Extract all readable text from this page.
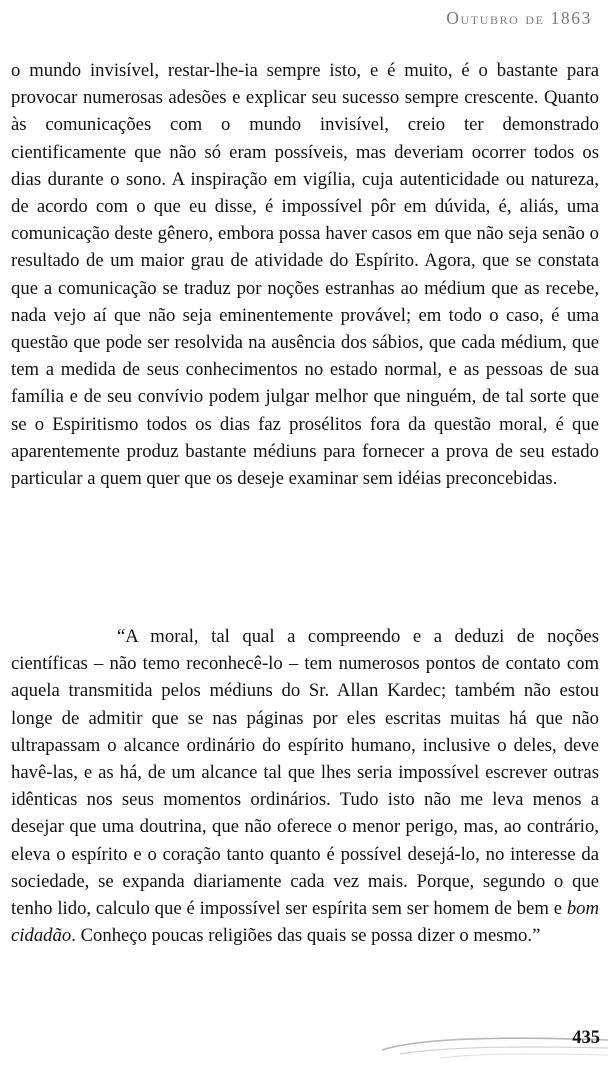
Outubro de 1863
o mundo invisível, restar-lhe-ia sempre isto, e é muito, é o bastante para provocar numerosas adesões e explicar seu sucesso sempre crescente. Quanto às comunicações com o mundo invisível, creio ter demonstrado cientificamente que não só eram possíveis, mas deveriam ocorrer todos os dias durante o sono. A inspiração em vigília, cuja autenticidade ou natureza, de acordo com o que eu disse, é impossível pôr em dúvida, é, aliás, uma comunicação deste gênero, embora possa haver casos em que não seja senão o resultado de um maior grau de atividade do Espírito. Agora, que se constata que a comunicação se traduz por noções estranhas ao médium que as recebe, nada vejo aí que não seja eminentemente provável; em todo o caso, é uma questão que pode ser resolvida na ausência dos sábios, que cada médium, que tem a medida de seus conhecimentos no estado normal, e as pessoas de sua família e de seu convívio podem julgar melhor que ninguém, de tal sorte que se o Espiritismo todos os dias faz prosélitos fora da questão moral, é que aparentemente produz bastante médiuns para fornecer a prova de seu estado particular a quem quer que os deseje examinar sem idéias preconcebidas.
“A moral, tal qual a compreendo e a deduzi de noções científicas – não temo reconhecê-lo – tem numerosos pontos de contato com aquela transmitida pelos médiuns do Sr. Allan Kardec; também não estou longe de admitir que se nas páginas por eles escritas muitas há que não ultrapassam o alcance ordinário do espírito humano, inclusive o deles, deve havê-las, e as há, de um alcance tal que lhes seria impossível escrever outras idênticas nos seus momentos ordinários. Tudo isto não me leva menos a desejar que uma doutrina, que não oferece o menor perigo, mas, ao contrário, eleva o espírito e o coração tanto quanto é possível desejá-lo, no interesse da sociedade, se expanda diariamente cada vez mais. Porque, segundo o que tenho lido, calculo que é impossível ser espírita sem ser homem de bem e bom cidadão. Conheço poucas religiões das quais se possa dizer o mesmo.”
435
